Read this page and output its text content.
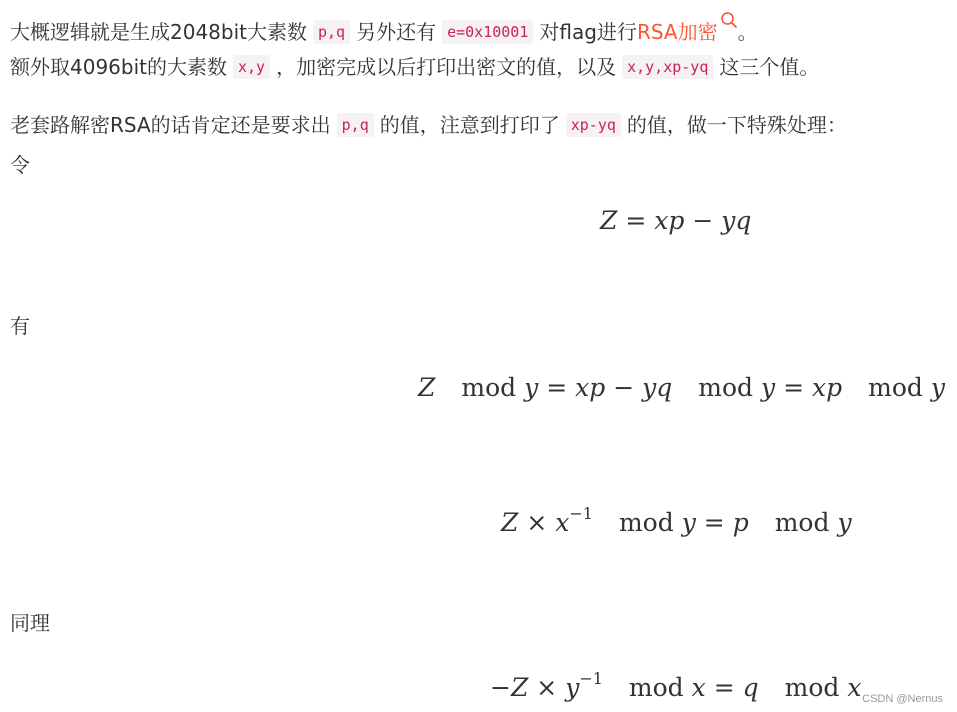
大概逻辑就是生成2048bit大素数 p,q 另外还有 e=0x10001 对flag进行RSA加密 。
额外取4096bit的大素数 x,y ，加密完成以后打印出密文的值，以及 x,y,xp-yq 这三个值。
老套路解密RSA的话肯定还是要求出 p,q 的值，注意到打印了 xp-yq 的值，做一下特殊处理：
令
Z = xp − yq
有
Z mod y = xp − yq mod y = xp mod y
$Z \times x^{-1}$ mod y = p mod y
同理
$-Z \times y^{-1}$ mod x = q mod x CSDN @Nernus
